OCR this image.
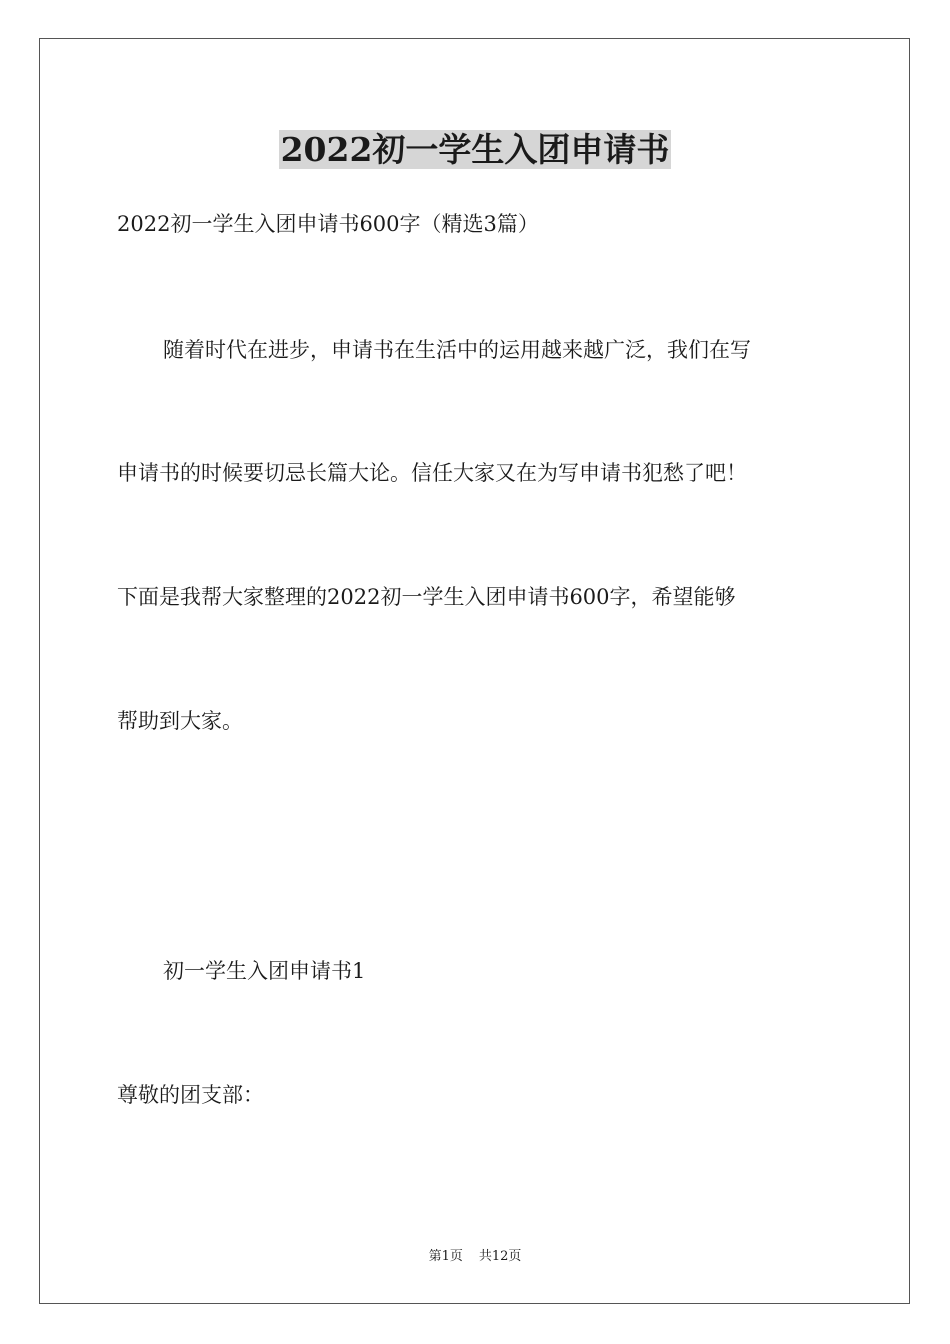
2022初一学生入团申请书

2022初一学生入团申请书600字（精选3篇）

随着时代在进步，申请书在生活中的运用越来越广泛，我们在写

申请书的时候要切忌长篇大论。信任大家又在为写申请书犯愁了吧！

下面是我帮大家整理的2022初一学生入团申请书600字，希望能够

帮助到大家。

初一学生入团申请书1

尊敬的团支部：

第1页 共12页
